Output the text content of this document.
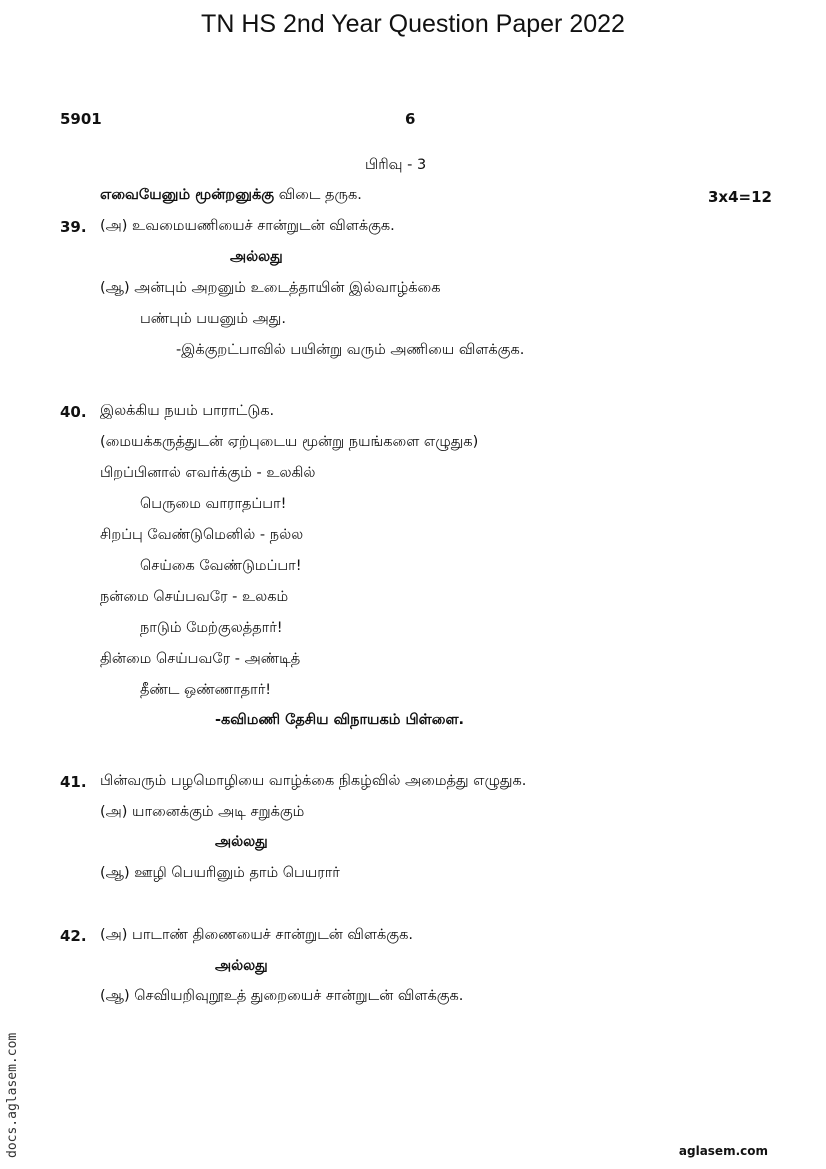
TN HS 2nd Year Question Paper 2022
5901	6
பிரிவு - 3
எவையேனும் மூன்றனுக்கு விடை தருக.	3x4=12
39. (அ) உவமையணியைச் சான்றுடன் விளக்குக.
அல்லது
(ஆ) அன்பும் அறனும் உடைத்தாயின் இல்வாழ்க்கை
பண்பும் பயனும் அது.
-இக்குறட்பாவில் பயின்று வரும் அணியை விளக்குக.
40. இலக்கிய நயம் பாராட்டுக.
(மையக்கருத்துடன் ஏற்புடைய மூன்று நயங்களை எழுதுக)
பிறப்பினால் எவர்க்கும் - உலகில்
பெருமை வாராதப்பா!
சிறப்பு வேண்டுமெனில் - நல்ல
செய்கை வேண்டுமப்பா!
நன்மை செய்பவரே - உலகம்
நாடும் மேற்குலத்தார்!
தின்மை செய்பவரே - அண்டித்
தீண்ட ஒண்ணாதார்!
-கவிமணி தேசிய விநாயகம் பிள்ளை.
41. பின்வரும் பழமொழியை வாழ்க்கை நிகழ்வில் அமைத்து எழுதுக.
(அ) யானைக்கும் அடி சறுக்கும்
அல்லது
(ஆ) ஊழி பெயரினும் தாம் பெயரார்
42. (அ) பாடாண் திணையைச் சான்றுடன் விளக்குக.
அல்லது
(ஆ) செவியறிவுறூஉத் துறையைச் சான்றுடன் விளக்குக.
docs.aglasem.com	aglasem.com
